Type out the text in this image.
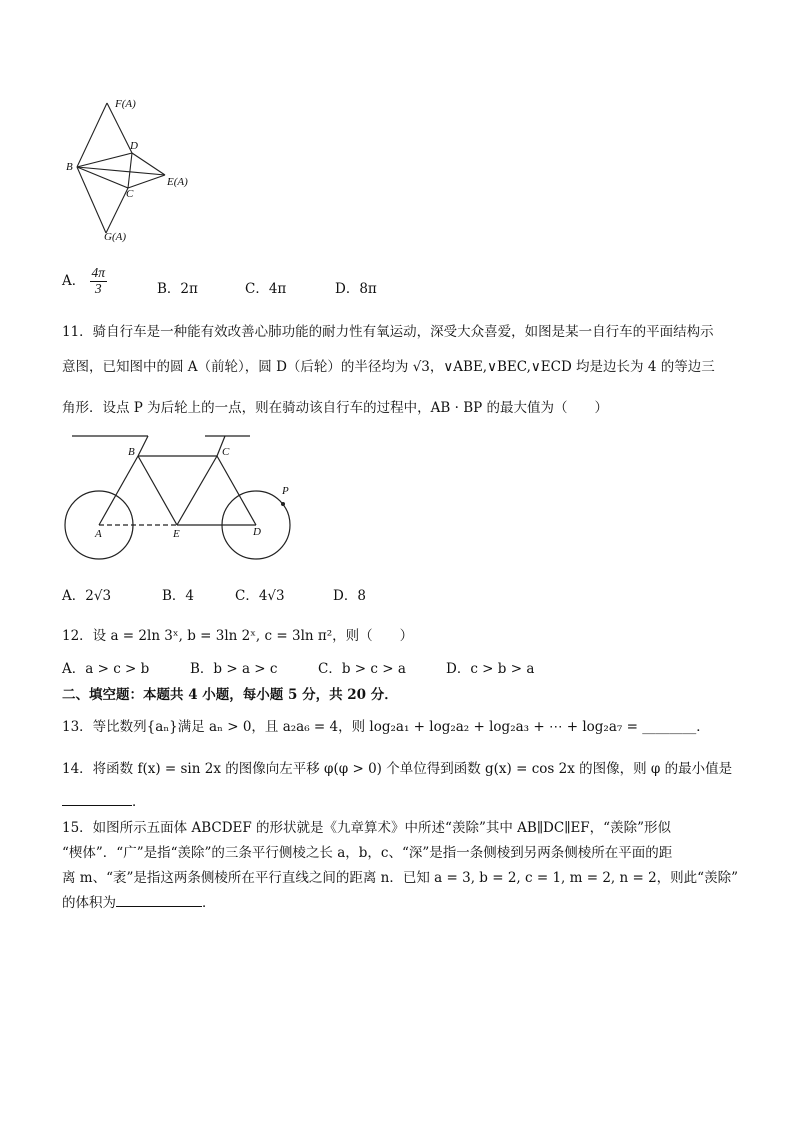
F(A)
D
B
E(A)
C
G(A)
A． $\frac{4\pi}{3}$	B．2π	C．4π	D．8π
11．骑自行车是一种能有效改善心肺功能的耐力性有氧运动，深受大众喜爱，如图是某一自行车的平面结构示
意图，已知图中的圆 A（前轮），圆 D（后轮）的半径均为 √3，∨ABE,∨BEC,∨ECD 均是边长为 4 的等边三
角形．设点 P 为后轮上的一点，则在骑动该自行车的过程中，AB · BP 的最大值为（　　）
B	C
A	E	D
P
A．2√3	B．4	C．4√3	D．8
12．设 a = 2ln 3ˣ, b = 3ln 2ˣ, c = 3ln π²，则（　　）
A．a > c > b	B．b > a > c	C．b > c > a	D．c > b > a
二、填空题：本题共 4 小题，每小题 5 分，共 20 分．
13．等比数列{aₙ}满足 aₙ > 0，且 a₂a₆ = 4，则 log₂a₁ + log₂a₂ + log₂a₃ + ⋯ + log₂a₇ = ________．
14．将函数 f(x) = sin 2x 的图像向左平移 φ(φ > 0) 个单位得到函数 g(x) = cos 2x 的图像，则 φ 的最小值是
．
15．如图所示五面体 ABCDEF 的形状就是《九章算术》中所述“羡除”其中 AB∥DC∥EF，“羡除”形似
“楔体”．“广”是指“羡除”的三条平行侧棱之长 a，b，c、“深”是指一条侧棱到另两条侧棱所在平面的距
离 m、“袤”是指这两条侧棱所在平行直线之间的距离 n．已知 a = 3, b = 2, c = 1, m = 2, n = 2，则此“羡除”
的体积为	．
